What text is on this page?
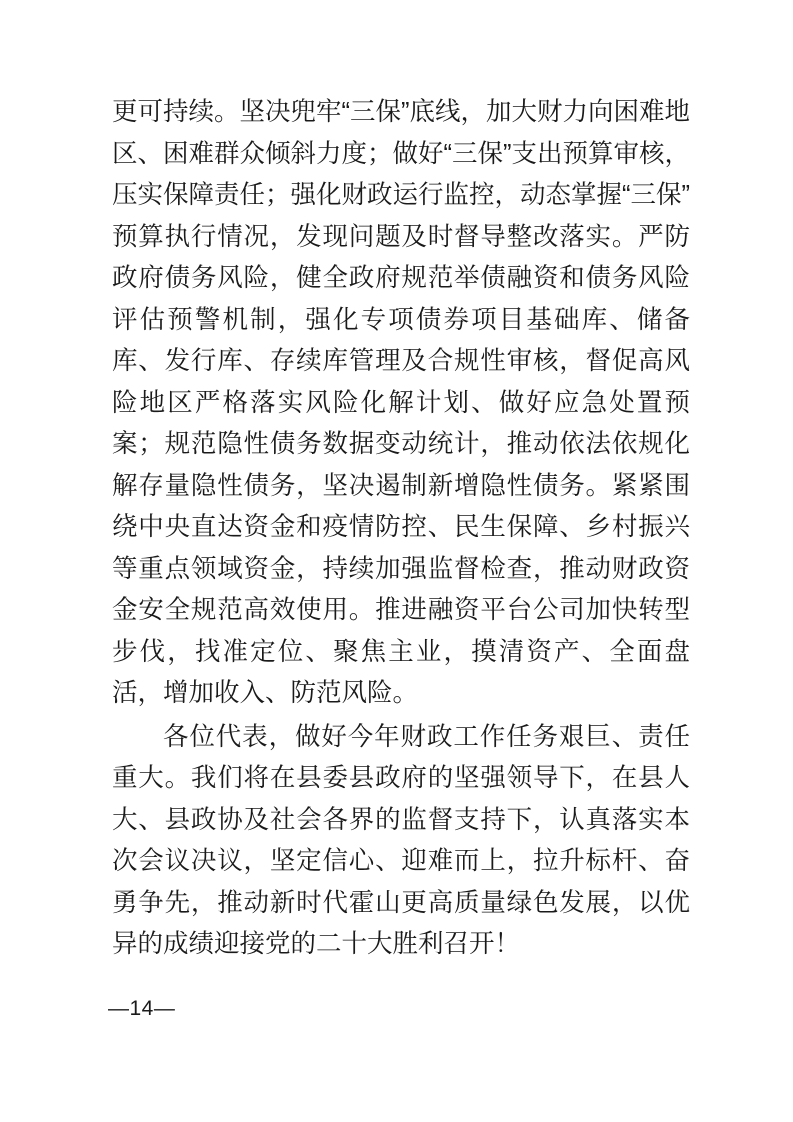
更可持续。坚决兜牢“三保”底线，加大财力向困难地区、困难群众倾斜力度；做好“三保”支出预算审核，压实保障责任；强化财政运行监控，动态掌握“三保”预算执行情况，发现问题及时督导整改落实。严防政府债务风险，健全政府规范举债融资和债务风险评估预警机制，强化专项债券项目基础库、储备库、发行库、存续库管理及合规性审核，督促高风险地区严格落实风险化解计划、做好应急处置预案；规范隐性债务数据变动统计，推动依法依规化解存量隐性债务，坚决遏制新增隐性债务。紧紧围绕中央直达资金和疫情防控、民生保障、乡村振兴等重点领域资金，持续加强监督检查，推动财政资金安全规范高效使用。推进融资平台公司加快转型步伐，找准定位、聚焦主业，摸清资产、全面盘活，增加收入、防范风险。

各位代表，做好今年财政工作任务艰巨、责任重大。我们将在县委县政府的坚强领导下，在县人大、县政协及社会各界的监督支持下，认真落实本次会议决议，坚定信心、迎难而上，拉升标杆、奋勇争先，推动新时代霍山更高质量绿色发展，以优异的成绩迎接党的二十大胜利召开！

—14—
